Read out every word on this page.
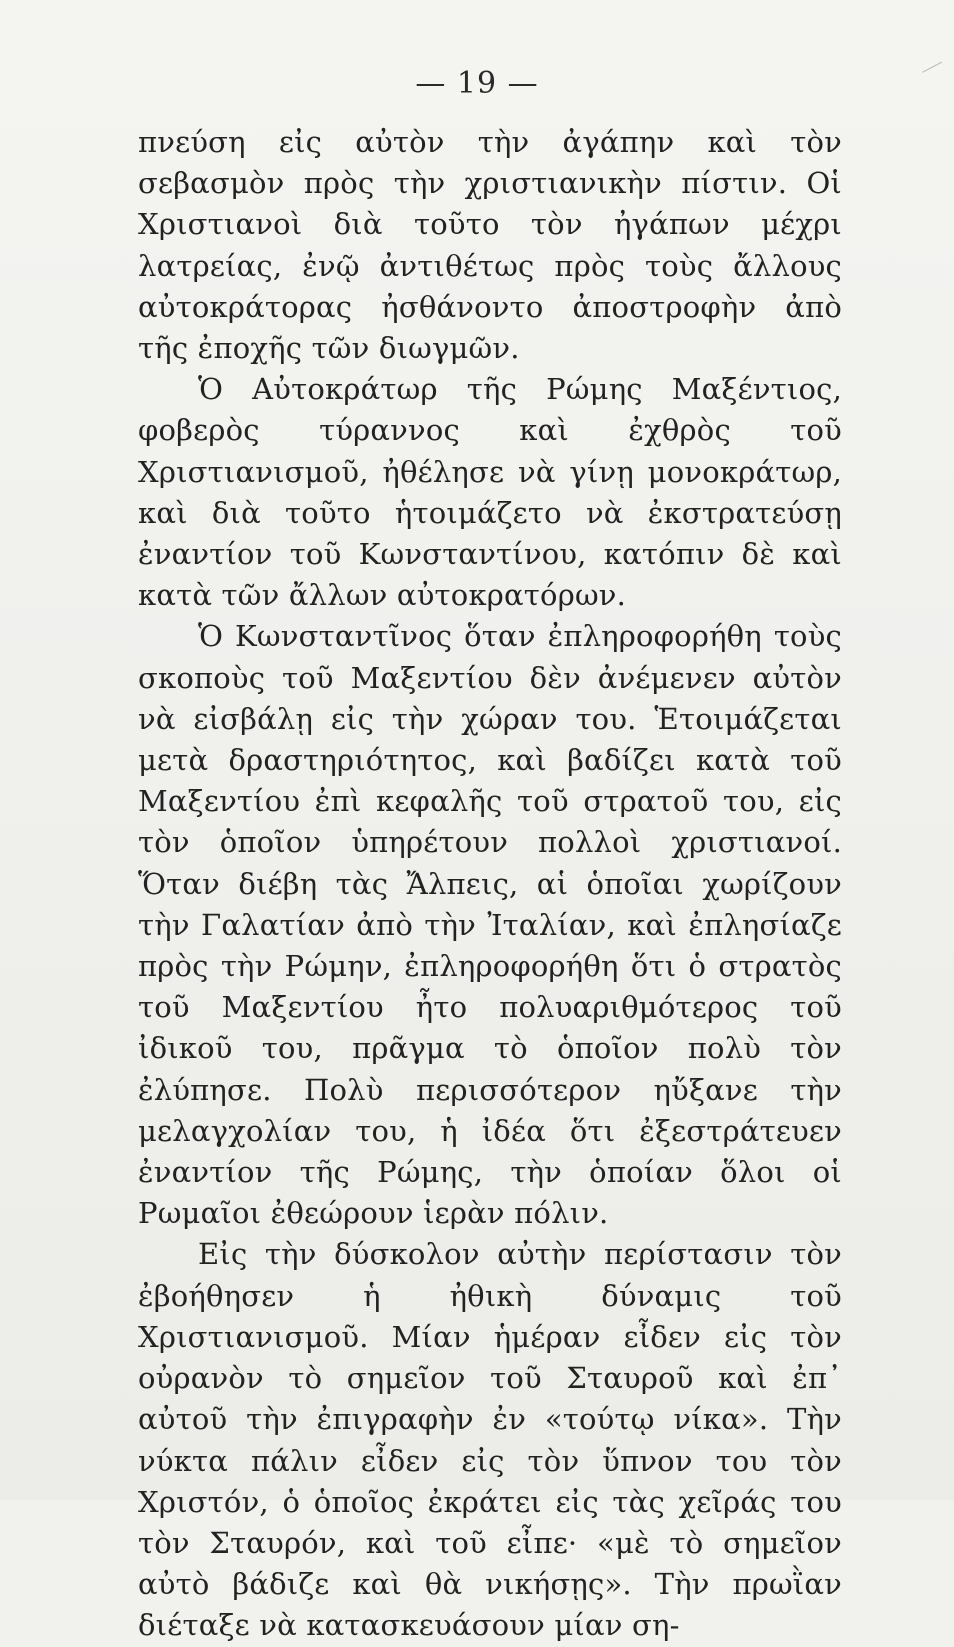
— 19 —

πνεύση εἰς αὐτὸν τὴν ἀγάπην καὶ τὸν σεβασμὸν πρὸς τὴν χριστιανικὴν πίστιν. Οἱ Χριστιανοὶ διὰ τοῦτο τὸν ἠγάπων μέχρι λατρείας, ἐνῷ ἀντιθέτως πρὸς τοὺς ἄλλους αὐτοκράτορας ἠσθάνοντο ἀποστροφὴν ἀπὸ τῆς ἐποχῆς τῶν διωγμῶν.

Ὁ Αὐτοκράτωρ τῆς Ρώμης Μαξέντιος, φοβερὸς τύραννος καὶ ἐχθρὸς τοῦ Χριστιανισμοῦ, ἠθέλησε νὰ γίνῃ μονοκράτωρ, καὶ διὰ τοῦτο ἡτοιμάζετο νὰ ἐκστρατεύσῃ ἐναντίον τοῦ Κωνσταντίνου, κατόπιν δὲ καὶ κατὰ τῶν ἄλλων αὐτοκρατόρων.

Ὁ Κωνσταντῖνος ὅταν ἐπληροφορήθη τοὺς σκοποὺς τοῦ Μαξεντίου δὲν ἀνέμενεν αὐτὸν νὰ εἰσβάλῃ εἰς τὴν χώραν του. Ἑτοιμάζεται μετὰ δραστηριότητος, καὶ βαδίζει κατὰ τοῦ Μαξεντίου ἐπὶ κεφαλῆς τοῦ στρατοῦ του, εἰς τὸν ὁποῖον ὑπηρέτουν πολλοὶ χριστιανοί. Ὅταν διέβη τὰς Ἄλπεις, αἱ ὁποῖαι χωρίζουν τὴν Γαλατίαν ἀπὸ τὴν Ἰταλίαν, καὶ ἐπλησίαζε πρὸς τὴν Ρώμην, ἐπληροφορήθη ὅτι ὁ στρατὸς τοῦ Μαξεντίου ἦτο πολυαριθμότερος τοῦ ἰδικοῦ του, πρᾶγμα τὸ ὁποῖον πολὺ τὸν ἐλύπησε. Πολὺ περισσότερον ηὔξανε τὴν μελαγχολίαν του, ἡ ἰδέα ὅτι ἐξεστράτευεν ἐναντίον τῆς Ρώμης, τὴν ὁποίαν ὅλοι οἱ Ρωμαῖοι ἐθεώρουν ἱερὰν πόλιν.

Εἰς τὴν δύσκολον αὐτὴν περίστασιν τὸν ἐβοήθησεν ἡ ἠθικὴ δύναμις τοῦ Χριστιανισμοῦ. Μίαν ἡμέραν εἶδεν εἰς τὸν οὐρανὸν τὸ σημεῖον τοῦ Σταυροῦ καὶ ἐπ᾽ αὐτοῦ τὴν ἐπιγραφὴν ἐν «τούτῳ νίκα». Τὴν νύκτα πάλιν εἶδεν εἰς τὸν ὕπνον του τὸν Χριστόν, ὁ ὁποῖος ἐκράτει εἰς τὰς χεῖράς του τὸν Σταυρόν, καὶ τοῦ εἶπε· «μὲ τὸ σημεῖον αὐτὸ βάδιζε καὶ θὰ νικήσῃς». Τὴν πρωῒαν διέταξε νὰ κατασκευάσουν μίαν ση-
